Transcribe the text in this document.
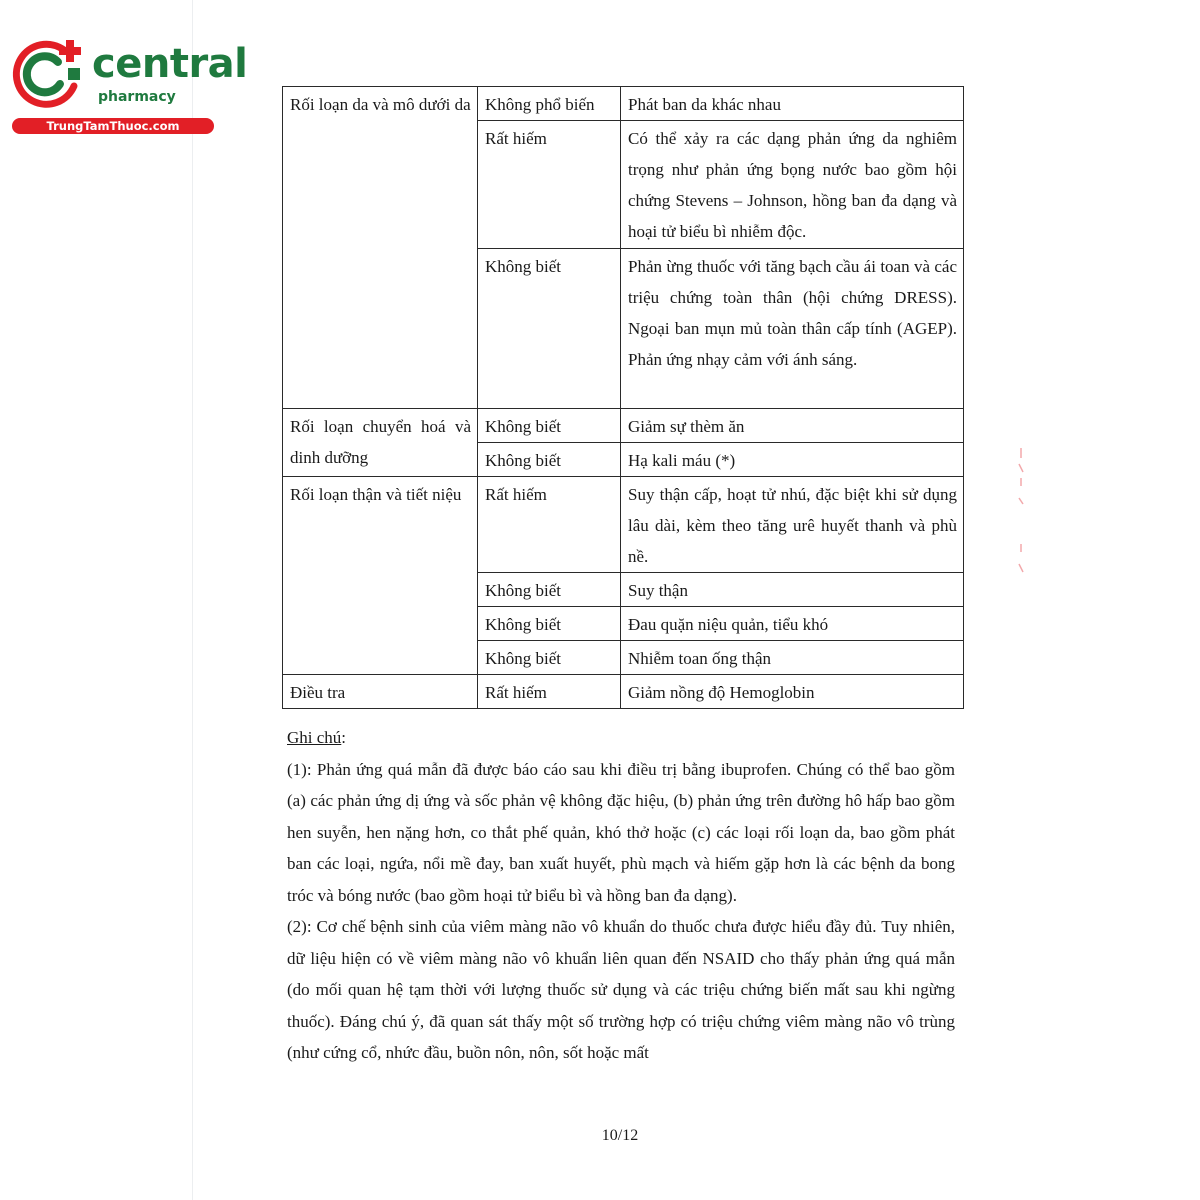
central
pharmacy
TrungTamThuoc.com
Rối loạn da và mô dưới da	Không phổ biến	Phát ban da khác nhau
	Rất hiếm	Có thể xảy ra các dạng phản ứng da nghiêm trọng như phản ứng bọng nước bao gồm hội chứng Stevens – Johnson, hồng ban đa dạng và hoại tử biểu bì nhiễm độc.
	Không biết	Phản ừng thuốc với tăng bạch cầu ái toan và các triệu chứng toàn thân (hội chứng DRESS). Ngoại ban mụn mủ toàn thân cấp tính (AGEP). Phản ứng nhạy cảm với ánh sáng.
Rối loạn chuyển hoá và dinh dưỡng	Không biết	Giảm sự thèm ăn
	Không biết	Hạ kali máu (*)
Rối loạn thận và tiết niệu	Rất hiếm	Suy thận cấp, hoạt tử nhú, đặc biệt khi sử dụng lâu dài, kèm theo tăng urê huyết thanh và phù nề.
	Không biết	Suy thận
	Không biết	Đau quặn niệu quản, tiểu khó
	Không biết	Nhiễm toan ống thận
Điều tra	Rất hiếm	Giảm nồng độ Hemoglobin

Ghi chú:

(1): Phản ứng quá mẫn đã được báo cáo sau khi điều trị bằng ibuprofen. Chúng có thể bao gồm (a) các phản ứng dị ứng và sốc phản vệ không đặc hiệu, (b) phản ứng trên đường hô hấp bao gồm hen suyễn, hen nặng hơn, co thắt phế quản, khó thở hoặc (c) các loại rối loạn da, bao gồm phát ban các loại, ngứa, nổi mề đay, ban xuất huyết, phù mạch và hiếm gặp hơn là các bệnh da bong tróc và bóng nước (bao gồm hoại tử biểu bì và hồng ban đa dạng).

(2): Cơ chế bệnh sinh của viêm màng não vô khuẩn do thuốc chưa được hiểu đầy đủ. Tuy nhiên, dữ liệu hiện có về viêm màng não vô khuẩn liên quan đến NSAID cho thấy phản ứng quá mẫn (do mối quan hệ tạm thời với lượng thuốc sử dụng và các triệu chứng biến mất sau khi ngừng thuốc). Đáng chú ý, đã quan sát thấy một số trường hợp có triệu chứng viêm màng não vô trùng (như cứng cổ, nhức đầu, buồn nôn, nôn, sốt hoặc mất

10/12
